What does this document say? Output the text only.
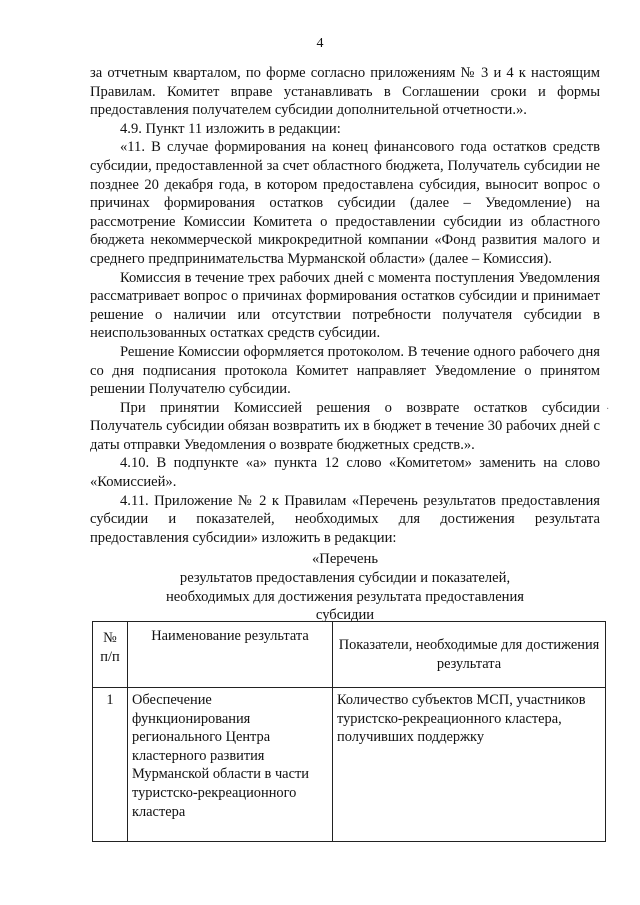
4

за отчетным кварталом, по форме согласно приложениям № 3 и 4 к настоящим Правилам. Комитет вправе устанавливать в Соглашении сроки и формы предоставления получателем субсидии дополнительной отчетности.».

4.9. Пункт 11 изложить в редакции:

«11. В случае формирования на конец финансового года остатков средств субсидии, предоставленной за счет областного бюджета, Получатель субсидии не позднее 20 декабря года, в котором предоставлена субсидия, выносит вопрос о причинах формирования остатков субсидии (далее – Уведомление) на рассмотрение Комиссии Комитета о предоставлении субсидии из областного бюджета некоммерческой микрокредитной компании «Фонд развития малого и среднего предпринимательства Мурманской области» (далее – Комиссия).

Комиссия в течение трех рабочих дней с момента поступления Уведомления рассматривает вопрос о причинах формирования остатков субсидии и принимает решение о наличии или отсутствии потребности получателя субсидии в неиспользованных остатках средств субсидии.

Решение Комиссии оформляется протоколом. В течение одного рабочего дня со дня подписания протокола Комитет направляет Уведомление о принятом решении Получателю субсидии.

При принятии Комиссией решения о возврате остатков субсидии Получатель субсидии обязан возвратить их в бюджет в течение 30 рабочих дней с даты отправки Уведомления о возврате бюджетных средств.».

4.10. В подпункте «а» пункта 12 слово «Комитетом» заменить на слово «Комиссией».

4.11. Приложение № 2 к Правилам «Перечень результатов предоставления субсидии и показателей, необходимых для достижения результата предоставления субсидии» изложить в редакции:

«Перечень
результатов предоставления субсидии и показателей,
необходимых для достижения результата предоставления
субсидии
№ п/п	Наименование результата	Показатели, необходимые для достижения результата
1	Обеспечение функционирования регионального Центра кластерного развития Мурманской области в части туристско-рекреационного кластера	Количество субъектов МСП, участников туристско-рекреационного кластера, получивших поддержку
·
